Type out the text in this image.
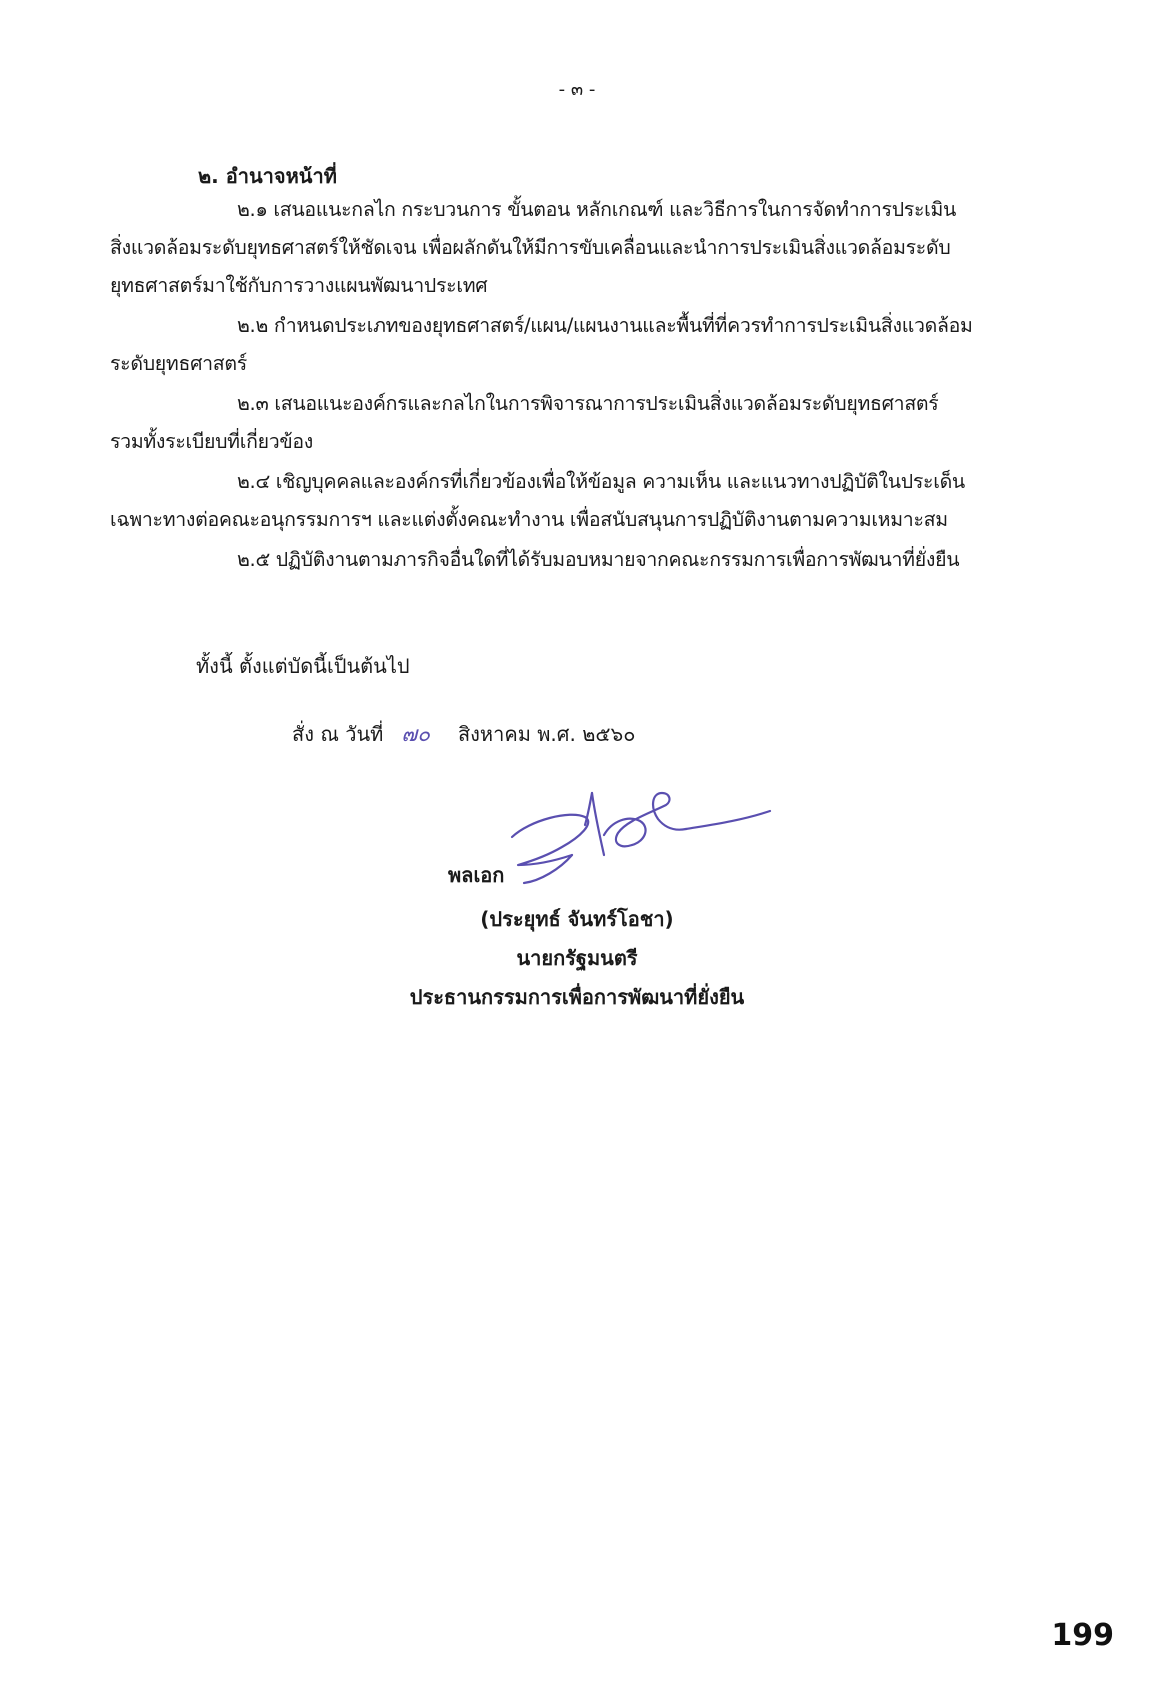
- ๓ -
๒. อำนาจหน้าที่
๒.๑ เสนอแนะกลไก กระบวนการ ขั้นตอน หลักเกณฑ์ และวิธีการในการจัดทำการประเมิน
สิ่งแวดล้อมระดับยุทธศาสตร์ให้ชัดเจน เพื่อผลักดันให้มีการขับเคลื่อนและนำการประเมินสิ่งแวดล้อมระดับ
ยุทธศาสตร์มาใช้กับการวางแผนพัฒนาประเทศ
๒.๒ กำหนดประเภทของยุทธศาสตร์/แผน/แผนงานและพื้นที่ที่ควรทำการประเมินสิ่งแวดล้อม
ระดับยุทธศาสตร์
๒.๓ เสนอแนะองค์กรและกลไกในการพิจารณาการประเมินสิ่งแวดล้อมระดับยุทธศาสตร์
รวมทั้งระเบียบที่เกี่ยวข้อง
๒.๔ เชิญบุคคลและองค์กรที่เกี่ยวข้องเพื่อให้ข้อมูล ความเห็น และแนวทางปฏิบัติในประเด็น
เฉพาะทางต่อคณะอนุกรรมการฯ และแต่งตั้งคณะทำงาน เพื่อสนับสนุนการปฏิบัติงานตามความเหมาะสม
๒.๕ ปฏิบัติงานตามภารกิจอื่นใดที่ได้รับมอบหมายจากคณะกรรมการเพื่อการพัฒนาที่ยั่งยืน
ทั้งนี้ ตั้งแต่บัดนี้เป็นต้นไป
สั่ง ณ วันที่ ๗๐ สิงหาคม พ.ศ. ๒๕๖๐
พลเอก
(ประยุทธ์ จันทร์โอชา)
นายกรัฐมนตรี
ประธานกรรมการเพื่อการพัฒนาที่ยั่งยืน
199
